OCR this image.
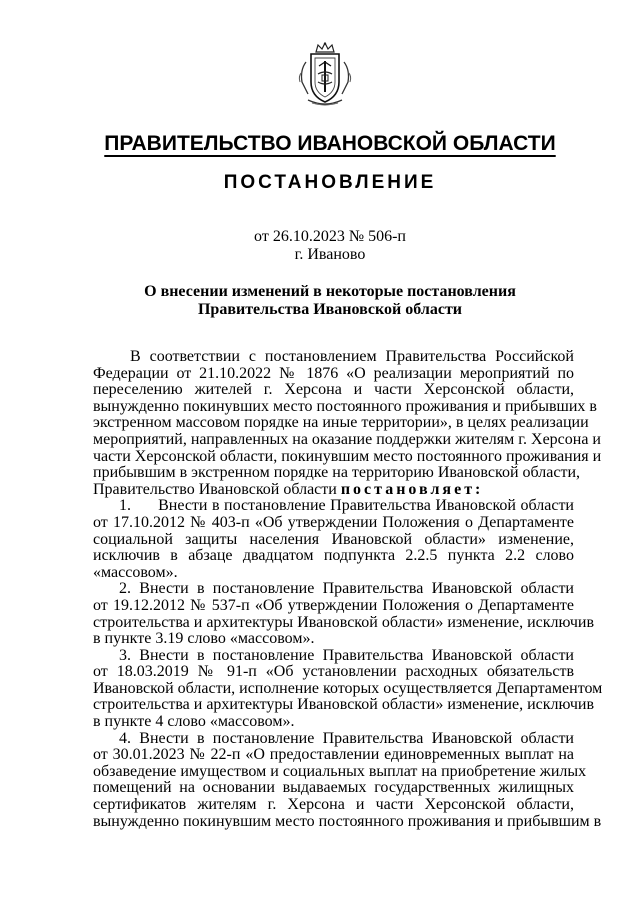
ПРАВИТЕЛЬСТВО ИВАНОВСКОЙ ОБЛАСТИ
ПОСТАНОВЛЕНИЕ
от 26.10.2023 № 506-п
г. Иваново
О внесении изменений в некоторые постановления
Правительства Ивановской области
В соответствии с постановлением Правительства Российской
Федерации от 21.10.2022 № 1876 «О реализации мероприятий по
переселению жителей г. Херсона и части Херсонской области,
вынужденно покинувших место постоянного проживания и прибывших в
экстренном массовом порядке на иные территории», в целях реализации
мероприятий, направленных на оказание поддержки жителям г. Херсона и
части Херсонской области, покинувшим место постоянного проживания и
прибывшим в экстренном порядке на территорию Ивановской области,
Правительство Ивановской области постановляет:
1.      Внести в постановление Правительства Ивановской области
от 17.10.2012 № 403-п «Об утверждении Положения о Департаменте
социальной защиты населения Ивановской области» изменение,
исключив в абзаце двадцатом подпункта 2.2.5 пункта 2.2 слово
«массовом».
2. Внести в постановление Правительства Ивановской области
от 19.12.2012 № 537-п «Об утверждении Положения о Департаменте
строительства и архитектуры Ивановской области» изменение, исключив
в пункте 3.19 слово «массовом».
3. Внести в постановление Правительства Ивановской области
от 18.03.2019 № 91-п «Об установлении расходных обязательств
Ивановской области, исполнение которых осуществляется Департаментом
строительства и архитектуры Ивановской области» изменение, исключив
в пункте 4 слово «массовом».
4. Внести в постановление Правительства Ивановской области
от 30.01.2023 № 22-п «О предоставлении единовременных выплат на
обзаведение имуществом и социальных выплат на приобретение жилых
помещений на основании выдаваемых государственных жилищных
сертификатов жителям г. Херсона и части Херсонской области,
вынужденно покинувшим место постоянного проживания и прибывшим в
